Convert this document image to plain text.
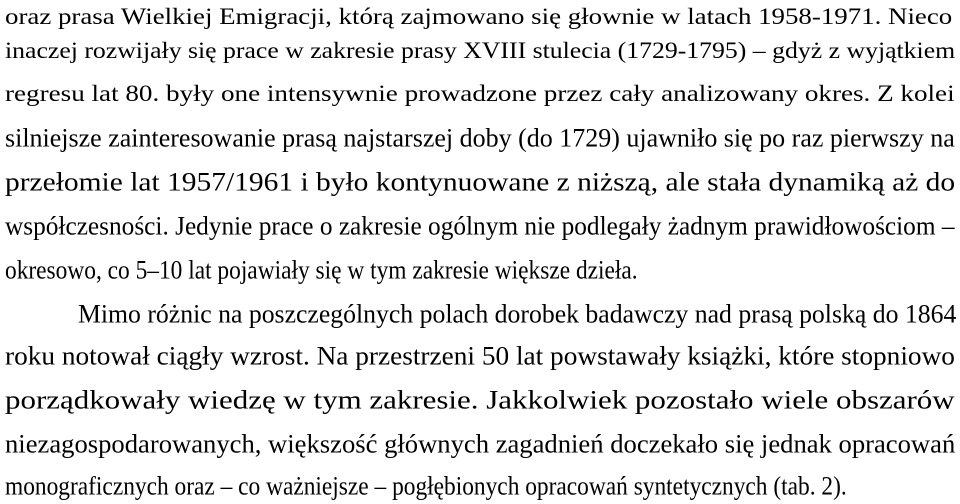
oraz prasa Wielkiej Emigracji, którą zajmowano się głownie w latach 1958-1971. Nieco
inaczej rozwijały się prace w zakresie prasy XVIII stulecia (1729-1795) – gdyż z wyjątkiem
regresu lat 80. były one intensywnie prowadzone przez cały analizowany okres. Z kolei
silniejsze zainteresowanie prasą najstarszej doby (do 1729) ujawniło się po raz pierwszy na
przełomie lat 1957/1961 i było kontynuowane z niższą, ale stała dynamiką aż do
współczesności. Jedynie prace o zakresie ogólnym nie podlegały żadnym prawidłowościom –
okresowo, co 5–10 lat pojawiały się w tym zakresie większe dzieła.
Mimo różnic na poszczególnych polach dorobek badawczy nad prasą polską do 1864
roku notował ciągły wzrost. Na przestrzeni 50 lat powstawały książki, które stopniowo
porządkowały wiedzę w tym zakresie. Jakkolwiek pozostało wiele obszarów
niezagospodarowanych, większość głównych zagadnień doczekało się jednak opracowań
monograficznych oraz – co ważniejsze – pogłębionych opracowań syntetycznych (tab. 2).
